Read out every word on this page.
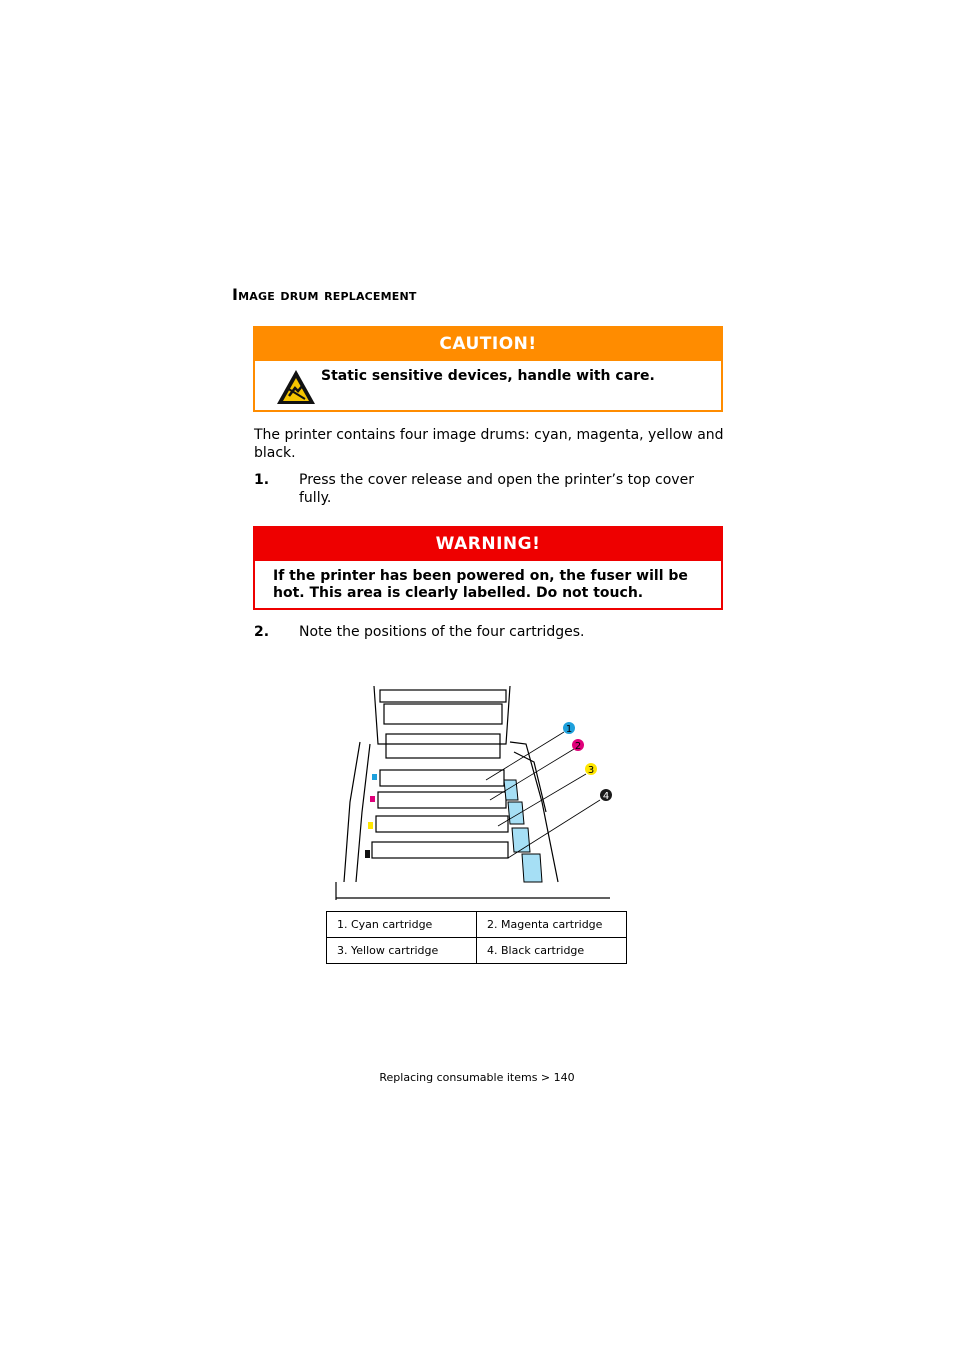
Image drum replacement
CAUTION!
Static sensitive devices, handle with care.
The printer contains four image drums: cyan, magenta, yellow and black.
1. Press the cover release and open the printer’s top cover fully.
WARNING!
If the printer has been powered on, the fuser will be hot. This area is clearly labelled. Do not touch.
2. Note the positions of the four cartridges.
1
2
3
4
1. Cyan cartridge	2. Magenta cartridge
3. Yellow cartridge	4. Black cartridge
Replacing consumable items > 140
